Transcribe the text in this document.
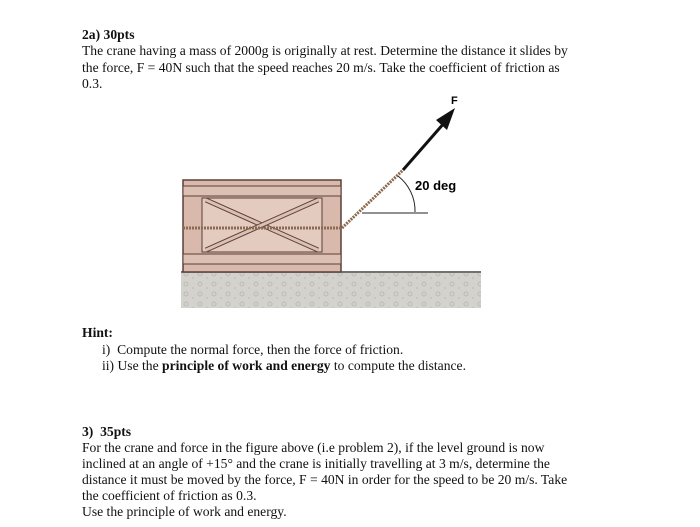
2a) 30pts
The crane having a mass of 2000g is originally at rest. Determine the distance it slides by
the force, F = 40N such that the speed reaches 20 m/s. Take the coefficient of friction as
0.3.
F
20 deg
Hint:
i)  Compute the normal force, then the force of friction.
ii) Use the principle of work and energy to compute the distance.
3)  35pts
For the crane and force in the figure above (i.e problem 2), if the level ground is now
inclined at an angle of +15° and the crane is initially travelling at 3 m/s, determine the
distance it must be moved by the force, F = 40N in order for the speed to be 20 m/s. Take
the coefficient of friction as 0.3.
Use the principle of work and energy.
